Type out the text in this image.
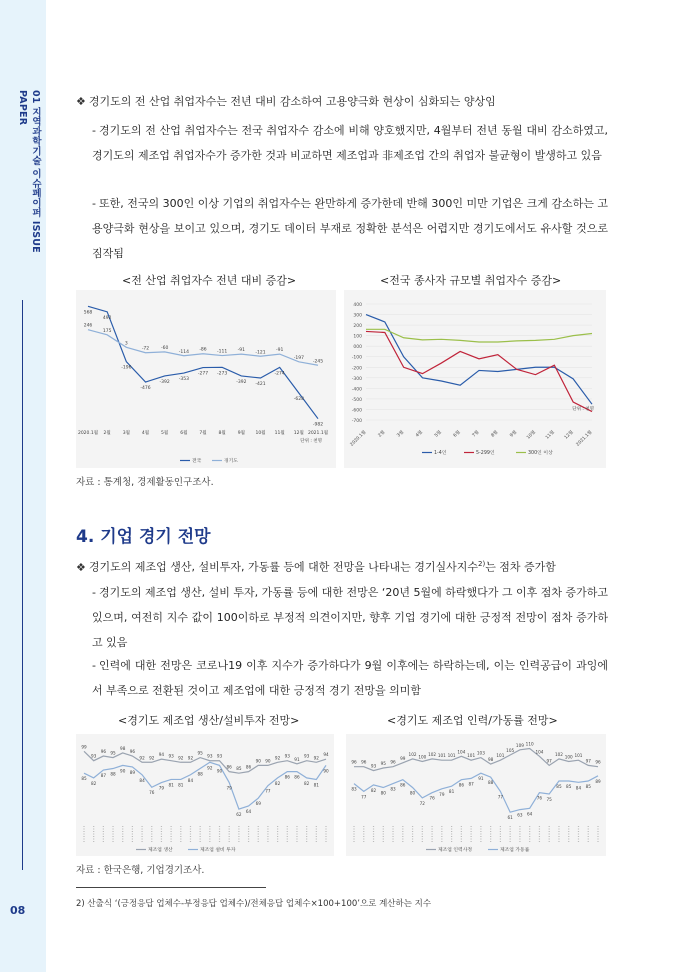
01 지역과학기술 이슈페이퍼 ISSUE PAPER
08
❖ 경기도의 전 산업 취업자수는 전년 대비 감소하여 고용양극화 현상이 심화되는 양상임
- 경기도의 전 산업 취업자수는 전국 취업자수 감소에 비해 양호했지만, 4월부터 전년 동월 대비 감소하였고, 경기도의 제조업 취업자수가 증가한 것과 비교하면 제조업과 非제조업 간의 취업자 불균형이 발생하고 있음
- 또한, 전국의 300인 이상 기업의 취업자수는 완만하게 증가한데 반해 300인 미만 기업은 크게 감소하는 고용양극화 현상을 보이고 있으며, 경기도 데이터 부재로 정확한 분석은 어렵지만 경기도에서도 유사할 것으로 짐작됨
<전 산업 취업자수 전년 대비 증감>	<전국 종사자 규모별 취업자수 증감>
568
492
-196
-476
-392
-353
-277 -273
-392 -421
-274
-628
-982
246
175
3
-72	-60
-114 -86 -111 -91 -121 -91
-197
-245
2020.1월 2월	3월	4월	5월	6월	7월	8월	9월 10월 11월 12월 2021.1월
단위 : 천명
전국	경기도
400
300
200
100
000
-100
-200
-300
-400
-500
-600
-700
2020.1월	2월	3월	4월	5월	6월	7월	8월	9월	10월	11월	12월 2021.1월
단위 : 천명
1-4인	5-299인	300인 이상
자료 : 통계청, 경제활동인구조사.
4. 기업 경기 전망
❖ 경기도의 제조업 생산, 설비투자, 가동률 등에 대한 전망을 나타내는 경기실사지수$^{2)}$는 점차 증가함
- 경기도의 제조업 생산, 설비 투자, 가동률 등에 대한 전망은 ‘20년 5월에 하락했다가 그 이후 점차 증가하고 있으며, 여전히 지수 값이 100이하로 부정적 의견이지만, 향후 기업 경기에 대한 긍정적 전망이 점차 증가하고 있음
- 인력에 대한 전망은 코로나19 이후 지수가 증가하다가 9월 이후에는 하락하는데, 이는 인력공급이 과잉에서 부족으로 전환된 것이고 제조업에 대한 긍정적 경기 전망을 의미함
<경기도 제조업 생산/설비투자 전망>	<경기도 제조업 인력/가동률 전망>
99
93
96 95
98
96
92 92
94 93 92 92
95
93 93
86 85 86
90 90
92 93
91
93 92
94
85
82
87 88
90 89
84
76
79
81 81
84
88
92
90
79
62
64
69
77
82
86 86
82 81
90
제조업 생산	제조업 설비 투자
96 96
93
95 96
99
102
100
102 101 101
104
101
103
98
101
105
109 110
104
97
102
100 101
97 96
83
77
82
80
83
86
80
72
76
79
81
86 87
91
88
77
61
63 64
76 75
85 85 84 85
89
제조업 인력사정	제조업 가동률
자료 : 한국은행, 기업경기조사.
2) 산출식 ‘(긍정응답 업체수-부정응답 업체수)/전체응답 업체수×100+100’으로 계산하는 지수
